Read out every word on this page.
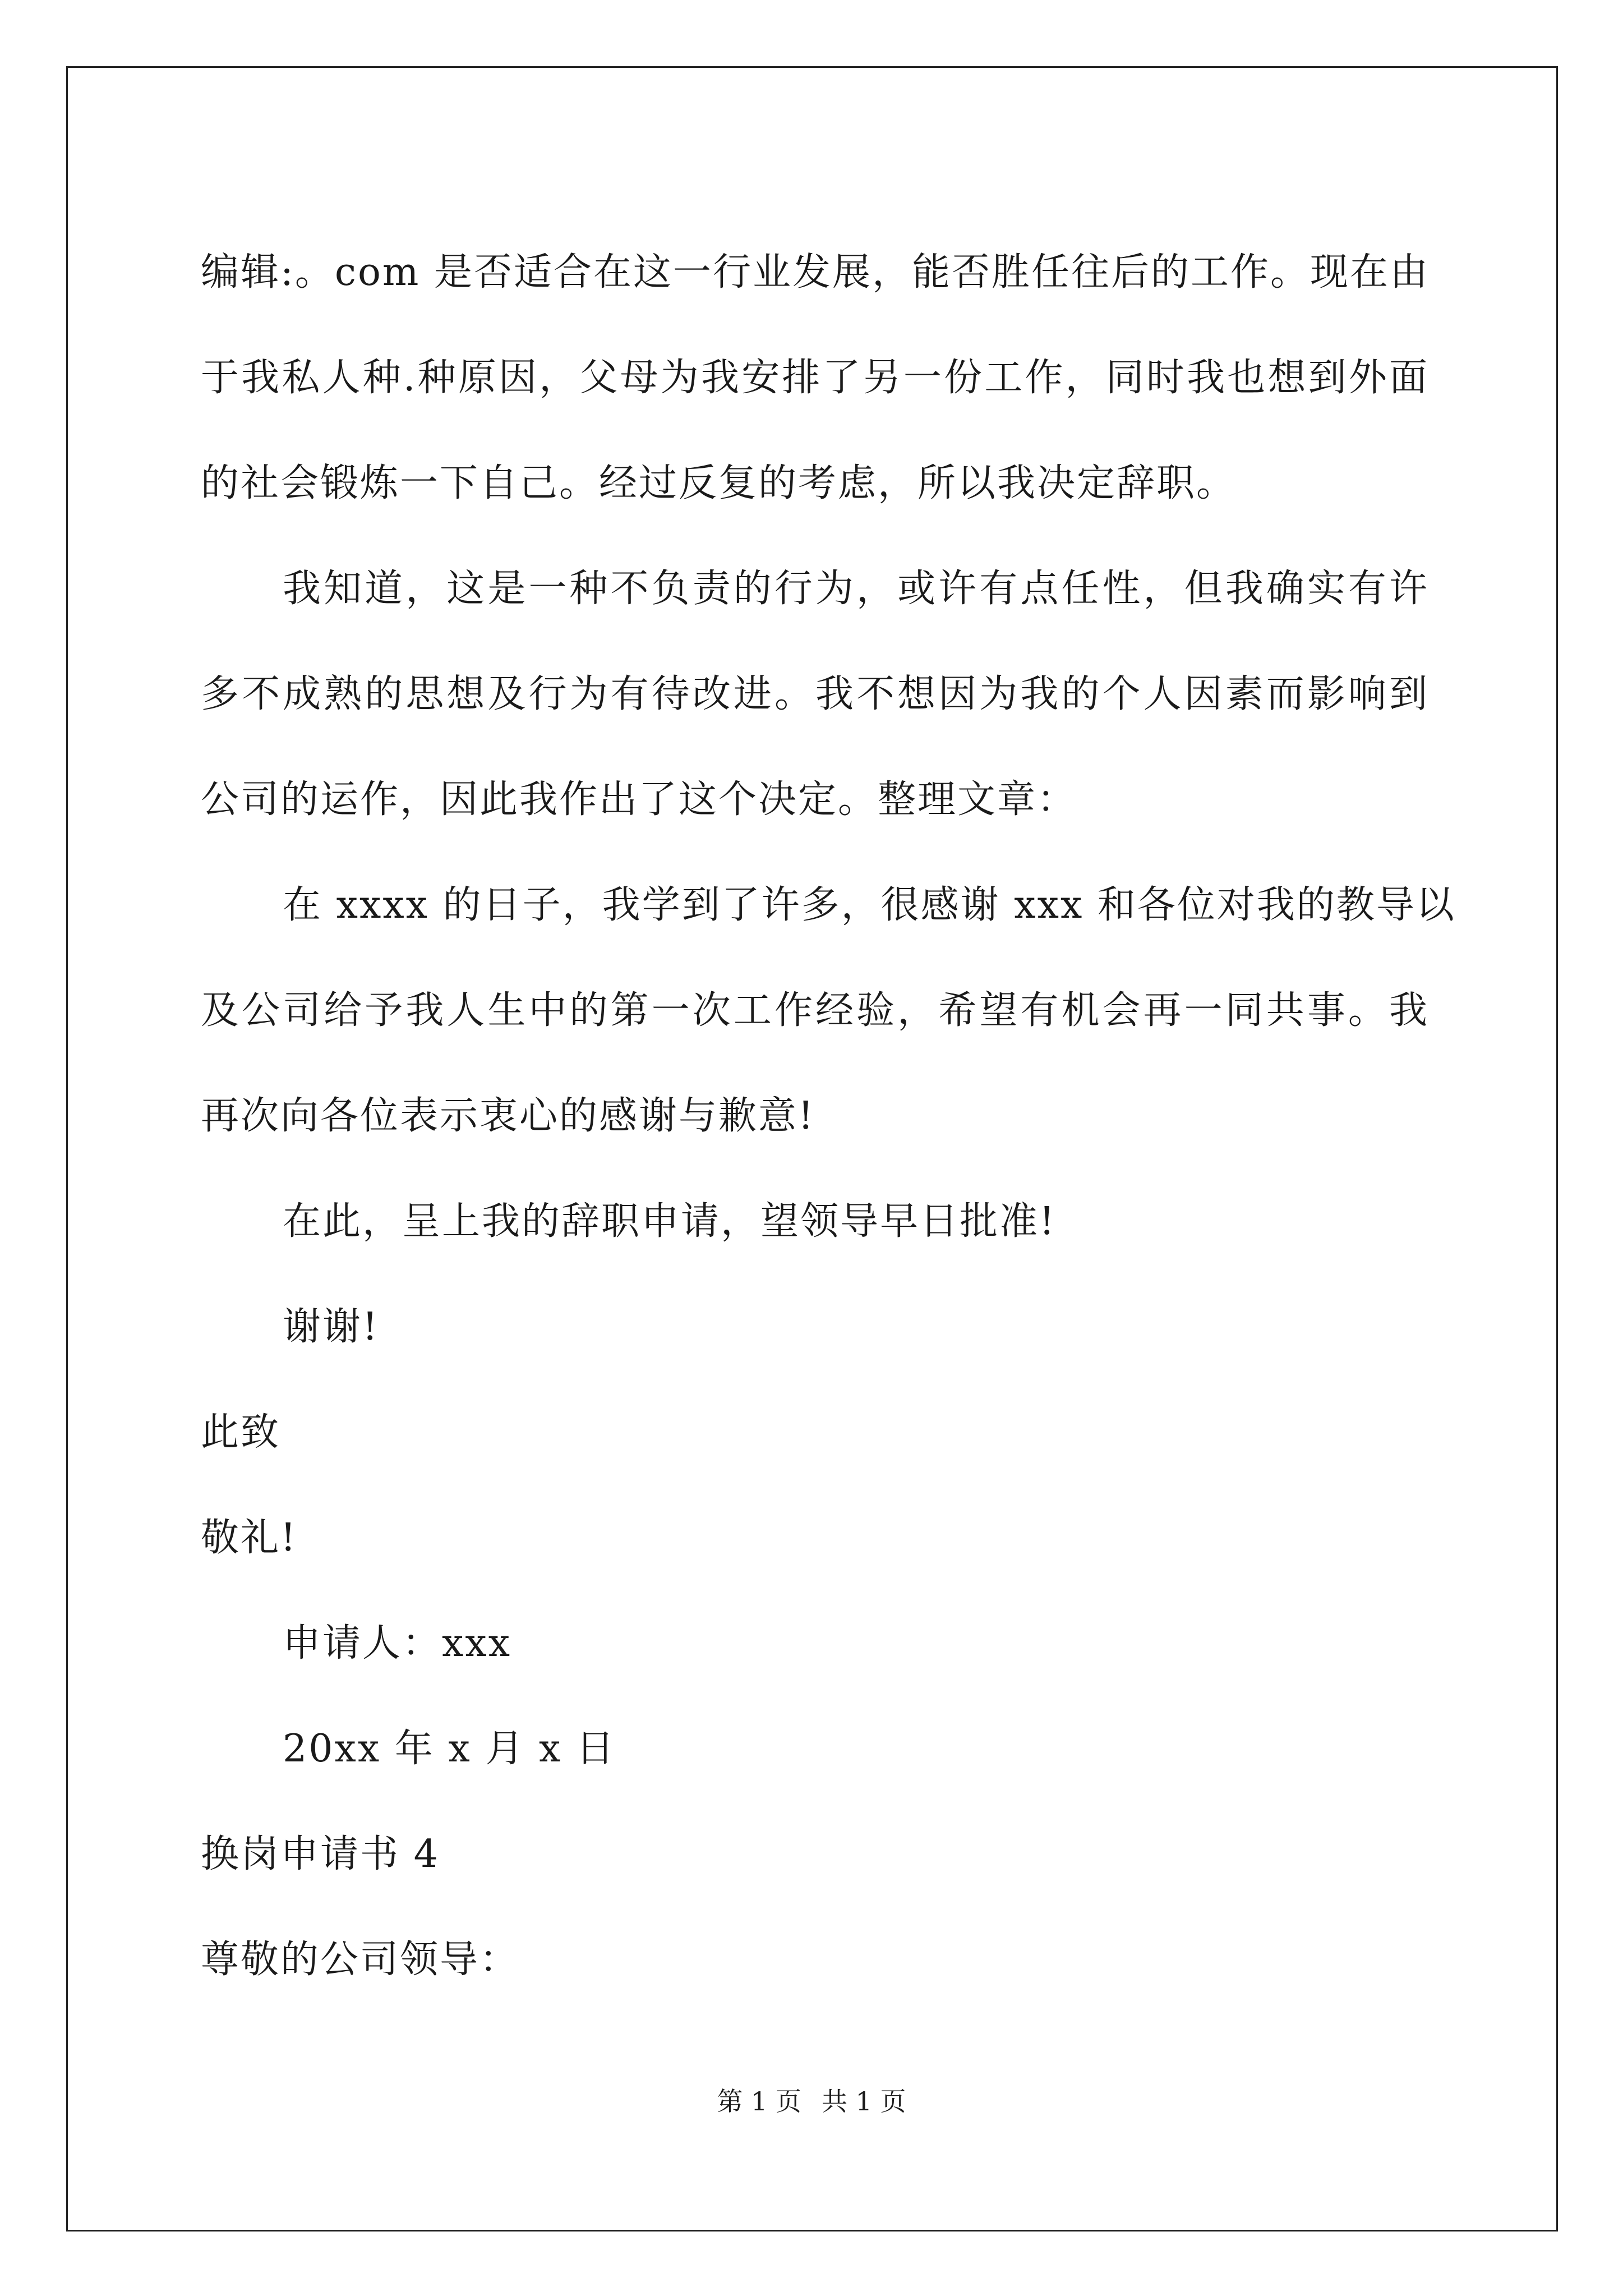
编辑:。com 是否适合在这一行业发展，能否胜任往后的工作。现在由
于我私人种.种原因，父母为我安排了另一份工作，同时我也想到外面
的社会锻炼一下自己。经过反复的考虑，所以我决定辞职。
我知道，这是一种不负责的行为，或许有点任性，但我确实有许
多不成熟的思想及行为有待改进。我不想因为我的个人因素而影响到
公司的运作，因此我作出了这个决定。整理文章：
在 xxxx 的日子，我学到了许多，很感谢 xxx 和各位对我的教导以
及公司给予我人生中的第一次工作经验，希望有机会再一同共事。我
再次向各位表示衷心的感谢与歉意!
在此，呈上我的辞职申请，望领导早日批准!
谢谢!
此致
敬礼!
申请人：xxx
20xx 年 x 月 x 日
换岗申请书 4
尊敬的公司领导：
第 1 页 共 1 页
